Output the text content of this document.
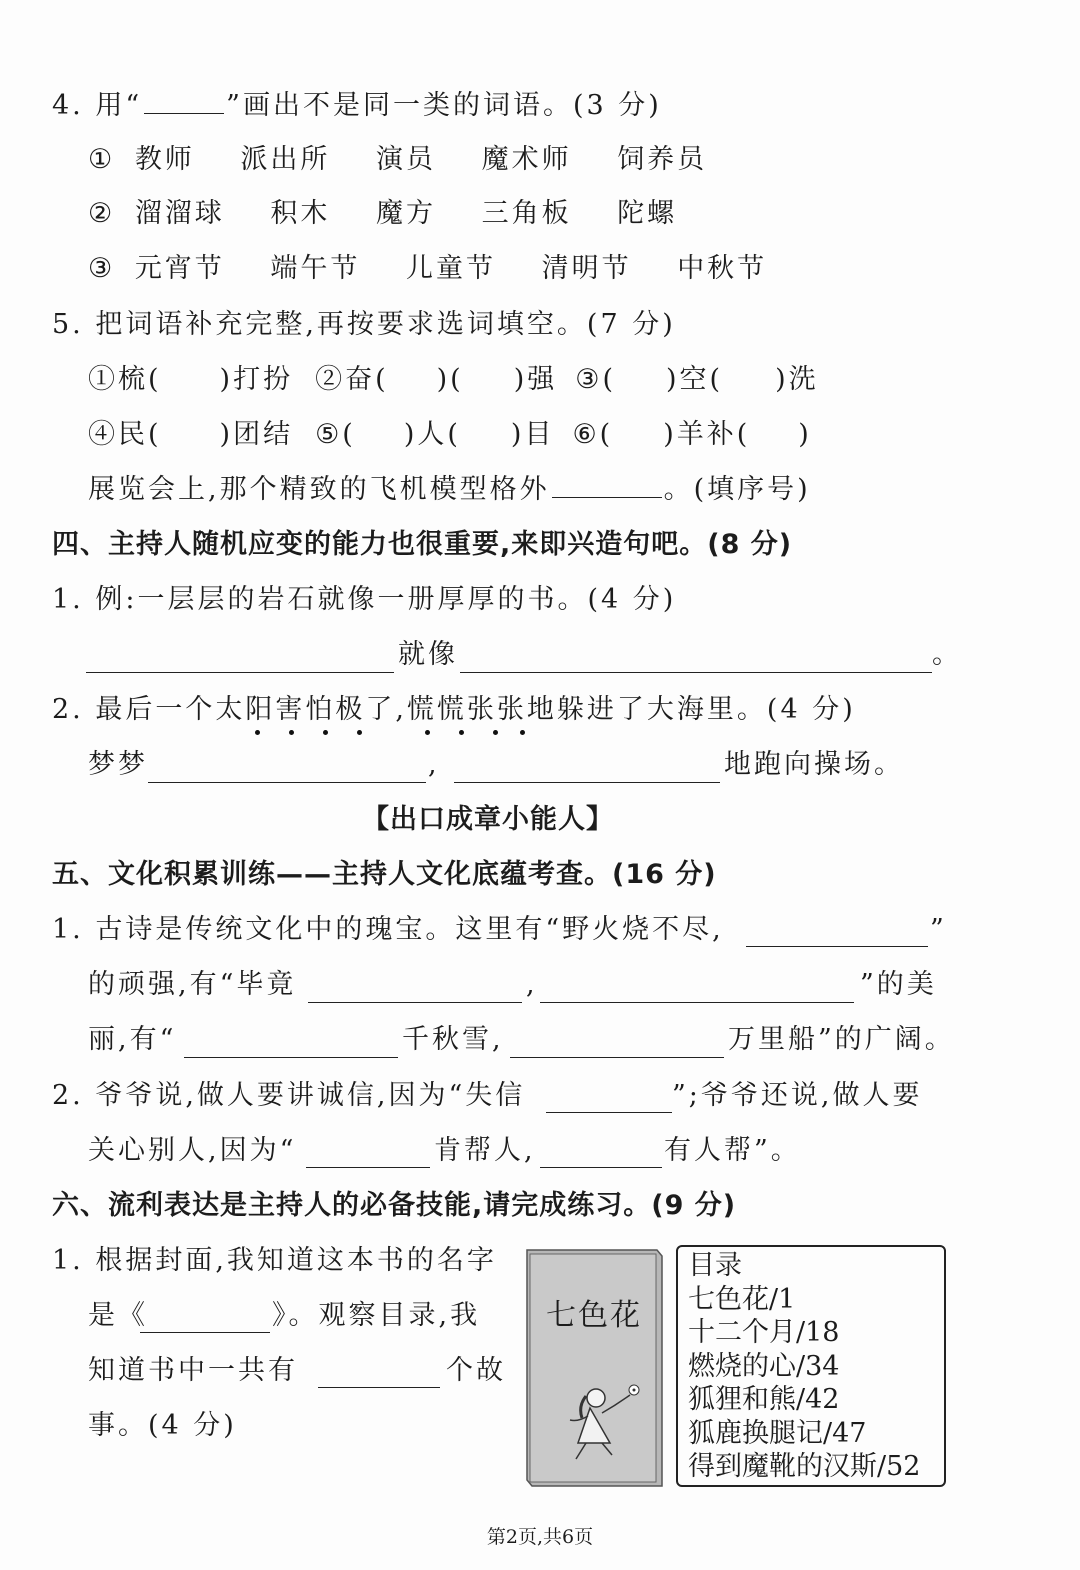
4. 用“	”画出不是同一类的词语。(3 分)
① 教师 派出所 演员 魔术师 饲养员
② 溜溜球 积木 魔方 三角板 陀螺
③ 元宵节 端午节 儿童节 清明节 中秋节
5. 把词语补充完整,再按要求选词填空。(7 分)
①梳( )打扮 ②奋( )( )强 ③( )空( )洗
④民( )团结 ⑤( )人( )目 ⑥( )羊补( )
展览会上,那个精致的飞机模型格外	。(填序号)
四、主持人随机应变的能力也很重要,来即兴造句吧。(8 分)
1. 例:一层层的岩石就像一册厚厚的书。(4 分)
就像	。
2. 最后一个太阳害怕极了,慌慌张张地躲进了大海里。(4 分)
梦梦	,	地跑向操场。
【出口成章小能人】
五、文化积累训练——主持人文化底蕴考查。(16 分)
1. 古诗是传统文化中的瑰宝。这里有“野火烧不尽,	”
的顽强,有“毕竟	,	”的美
丽,有“	千秋雪,	万里船”的广阔。
2. 爷爷说,做人要讲诚信,因为“失信	”;爷爷还说,做人要
关心别人,因为“	肯帮人,	有人帮”。
六、流利表达是主持人的必备技能,请完成练习。(9 分)
1. 根据封面,我知道这本书的名字
是《	》。观察目录,我
知道书中一共有	个故
事。(4 分)
七色花
目录
七色花/1
十二个月/18
燃烧的心/34
狐狸和熊/42
狐鹿换腿记/47
得到魔靴的汉斯/52
第2页,共6页
